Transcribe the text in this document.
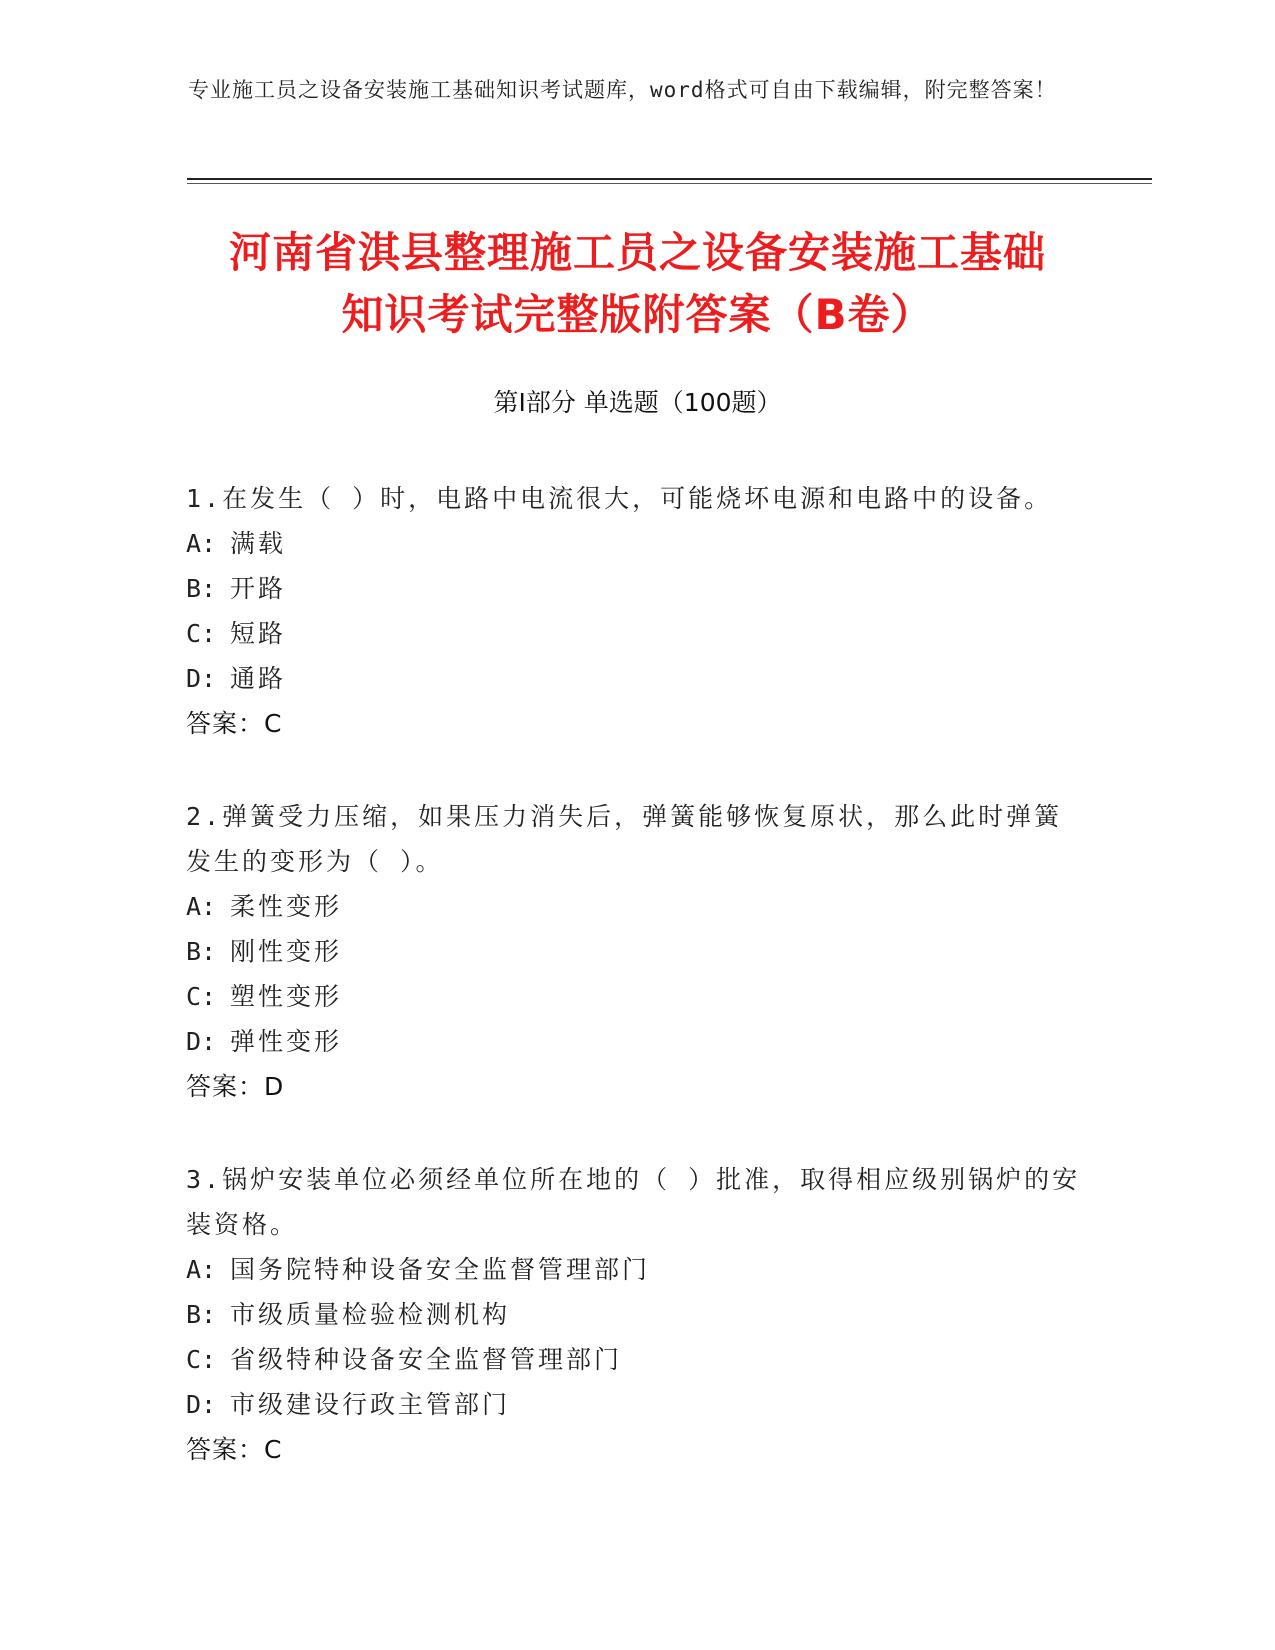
专业施工员之设备安装施工基础知识考试题库，word格式可自由下载编辑，附完整答案！
河南省淇县整理施工员之设备安装施工基础
知识考试完整版附答案（B卷）
第Ⅰ部分 单选题（100题）
1.在发生（ ）时，电路中电流很大，可能烧坏电源和电路中的设备。
A: 满载
B: 开路
C: 短路
D: 通路
答案：C
2.弹簧受力压缩，如果压力消失后，弹簧能够恢复原状，那么此时弹簧发生的变形为（ ）。
A: 柔性变形
B: 刚性变形
C: 塑性变形
D: 弹性变形
答案：D
3.锅炉安装单位必须经单位所在地的（ ）批准，取得相应级别锅炉的安装资格。
A: 国务院特种设备安全监督管理部门
B: 市级质量检验检测机构
C: 省级特种设备安全监督管理部门
D: 市级建设行政主管部门
答案：C
